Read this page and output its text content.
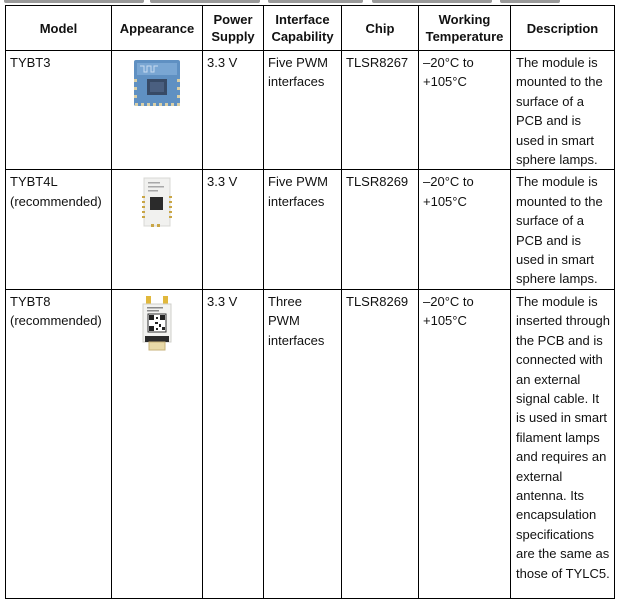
Model	Appearance	Power Supply	Interface Capability	Chip	Working Temperature	Description
TYBT3		3.3 V	Five PWM interfaces	TLSR8267	–20°C to +105°C	The module is mounted to the surface of a PCB and is used in smart sphere lamps.
TYBT4L (recommended)		3.3 V	Five PWM interfaces	TLSR8269	–20°C to +105°C	The module is mounted to the surface of a PCB and is used in smart sphere lamps.
TYBT8 (recommended)		3.3 V	Three PWM interfaces	TLSR8269	–20°C to +105°C	The module is inserted through the PCB and is connected with an external signal cable. It is used in smart filament lamps and requires an external antenna. Its encapsulation specifications are the same as those of TYLC5.
